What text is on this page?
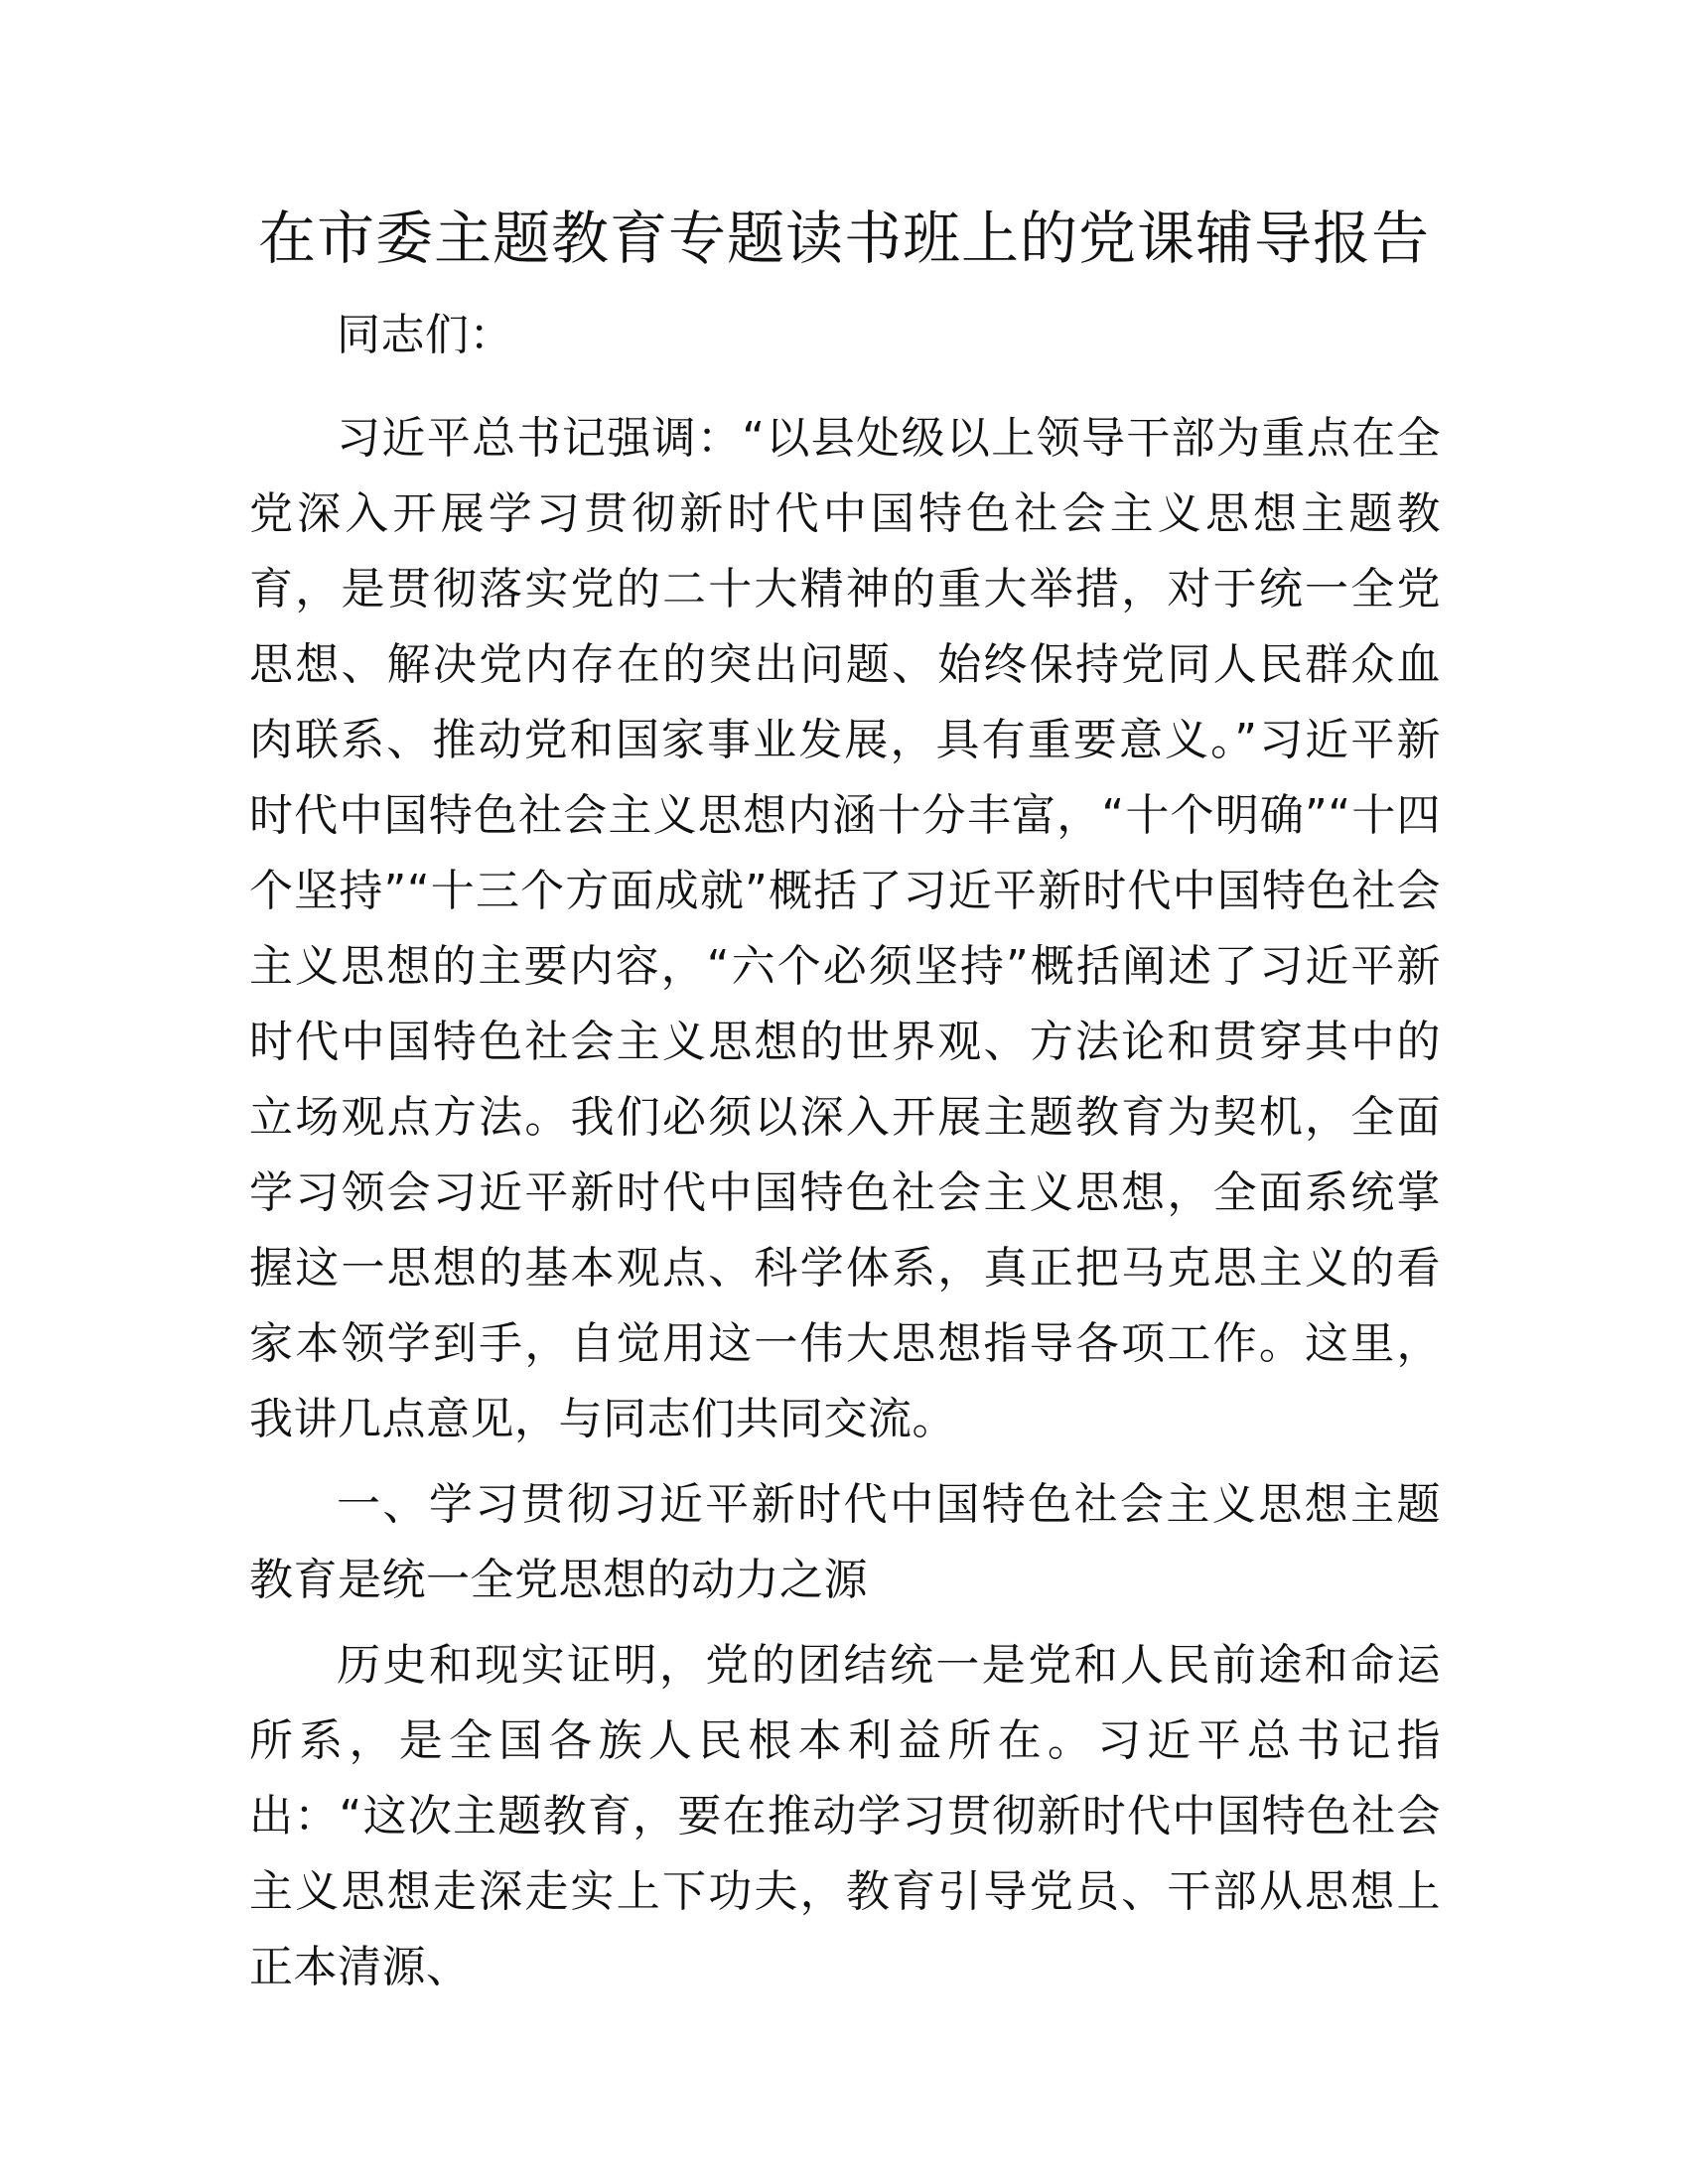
在市委主题教育专题读书班上的党课辅导报告

同志们：

习近平总书记强调：“以县处级以上领导干部为重点在全党深入开展学习贯彻新时代中国特色社会主义思想主题教育，是贯彻落实党的二十大精神的重大举措，对于统一全党思想、解决党内存在的突出问题、始终保持党同人民群众血肉联系、推动党和国家事业发展，具有重要意义。”习近平新时代中国特色社会主义思想内涵十分丰富，“十个明确”“十四个坚持”“十三个方面成就”概括了习近平新时代中国特色社会主义思想的主要内容，“六个必须坚持”概括阐述了习近平新时代中国特色社会主义思想的世界观、方法论和贯穿其中的立场观点方法。我们必须以深入开展主题教育为契机，全面学习领会习近平新时代中国特色社会主义思想，全面系统掌握这一思想的基本观点、科学体系，真正把马克思主义的看家本领学到手，自觉用这一伟大思想指导各项工作。这里，我讲几点意见，与同志们共同交流。

一、学习贯彻习近平新时代中国特色社会主义思想主题教育是统一全党思想的动力之源

历史和现实证明，党的团结统一是党和人民前途和命运所系，是全国各族人民根本利益所在。习近平总书记指出：“这次主题教育，要在推动学习贯彻新时代中国特色社会主义思想走深走实上下功夫，教育引导党员、干部从思想上正本清源、
